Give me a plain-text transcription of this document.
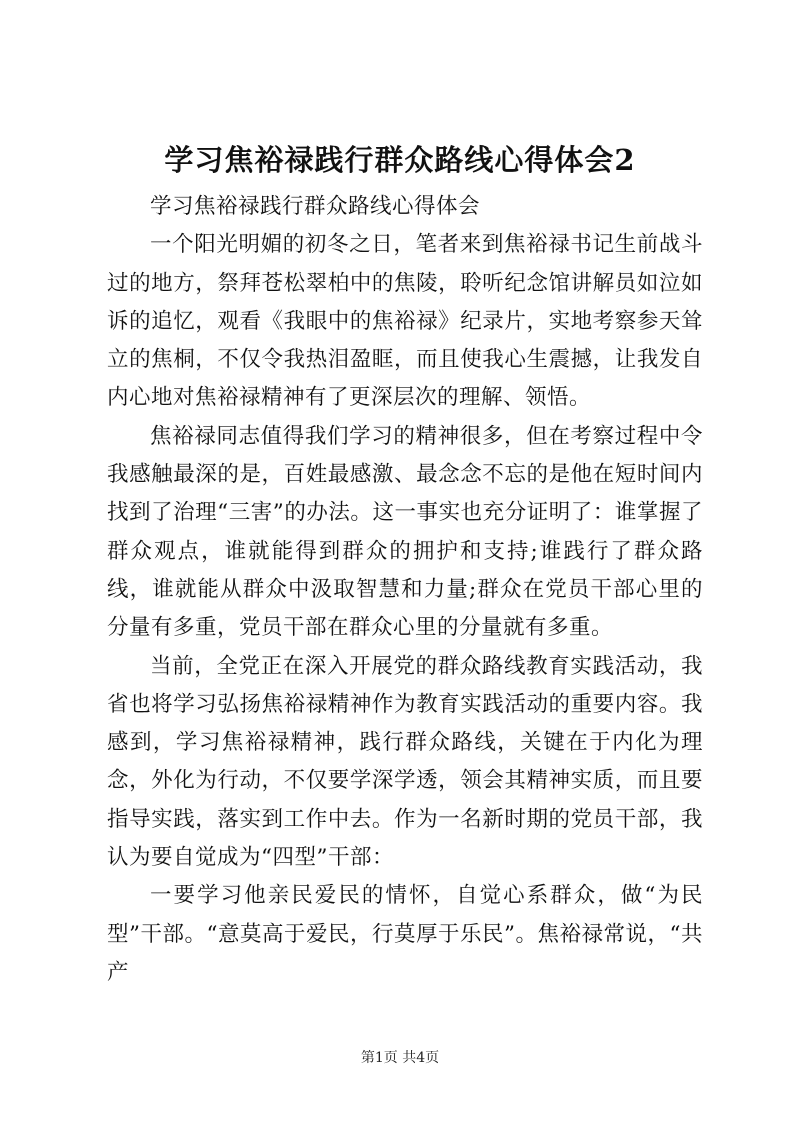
学习焦裕禄践行群众路线心得体会2

学习焦裕禄践行群众路线心得体会

一个阳光明媚的初冬之日，笔者来到焦裕禄书记生前战斗过的地方，祭拜苍松翠柏中的焦陵，聆听纪念馆讲解员如泣如诉的追忆，观看《我眼中的焦裕禄》纪录片，实地考察参天耸立的焦桐，不仅令我热泪盈眶，而且使我心生震撼，让我发自内心地对焦裕禄精神有了更深层次的理解、领悟。

焦裕禄同志值得我们学习的精神很多，但在考察过程中令我感触最深的是，百姓最感激、最念念不忘的是他在短时间内找到了治理“三害”的办法。这一事实也充分证明了：谁掌握了群众观点，谁就能得到群众的拥护和支持;谁践行了群众路线，谁就能从群众中汲取智慧和力量;群众在党员干部心里的分量有多重，党员干部在群众心里的分量就有多重。

当前，全党正在深入开展党的群众路线教育实践活动，我省也将学习弘扬焦裕禄精神作为教育实践活动的重要内容。我感到，学习焦裕禄精神，践行群众路线，关键在于内化为理念，外化为行动，不仅要学深学透，领会其精神实质，而且要指导实践，落实到工作中去。作为一名新时期的党员干部，我认为要自觉成为“四型”干部：

一要学习他亲民爱民的情怀，自觉心系群众，做“为民型”干部。“意莫高于爱民，行莫厚于乐民”。焦裕禄常说，“共产

第1页 共4页
